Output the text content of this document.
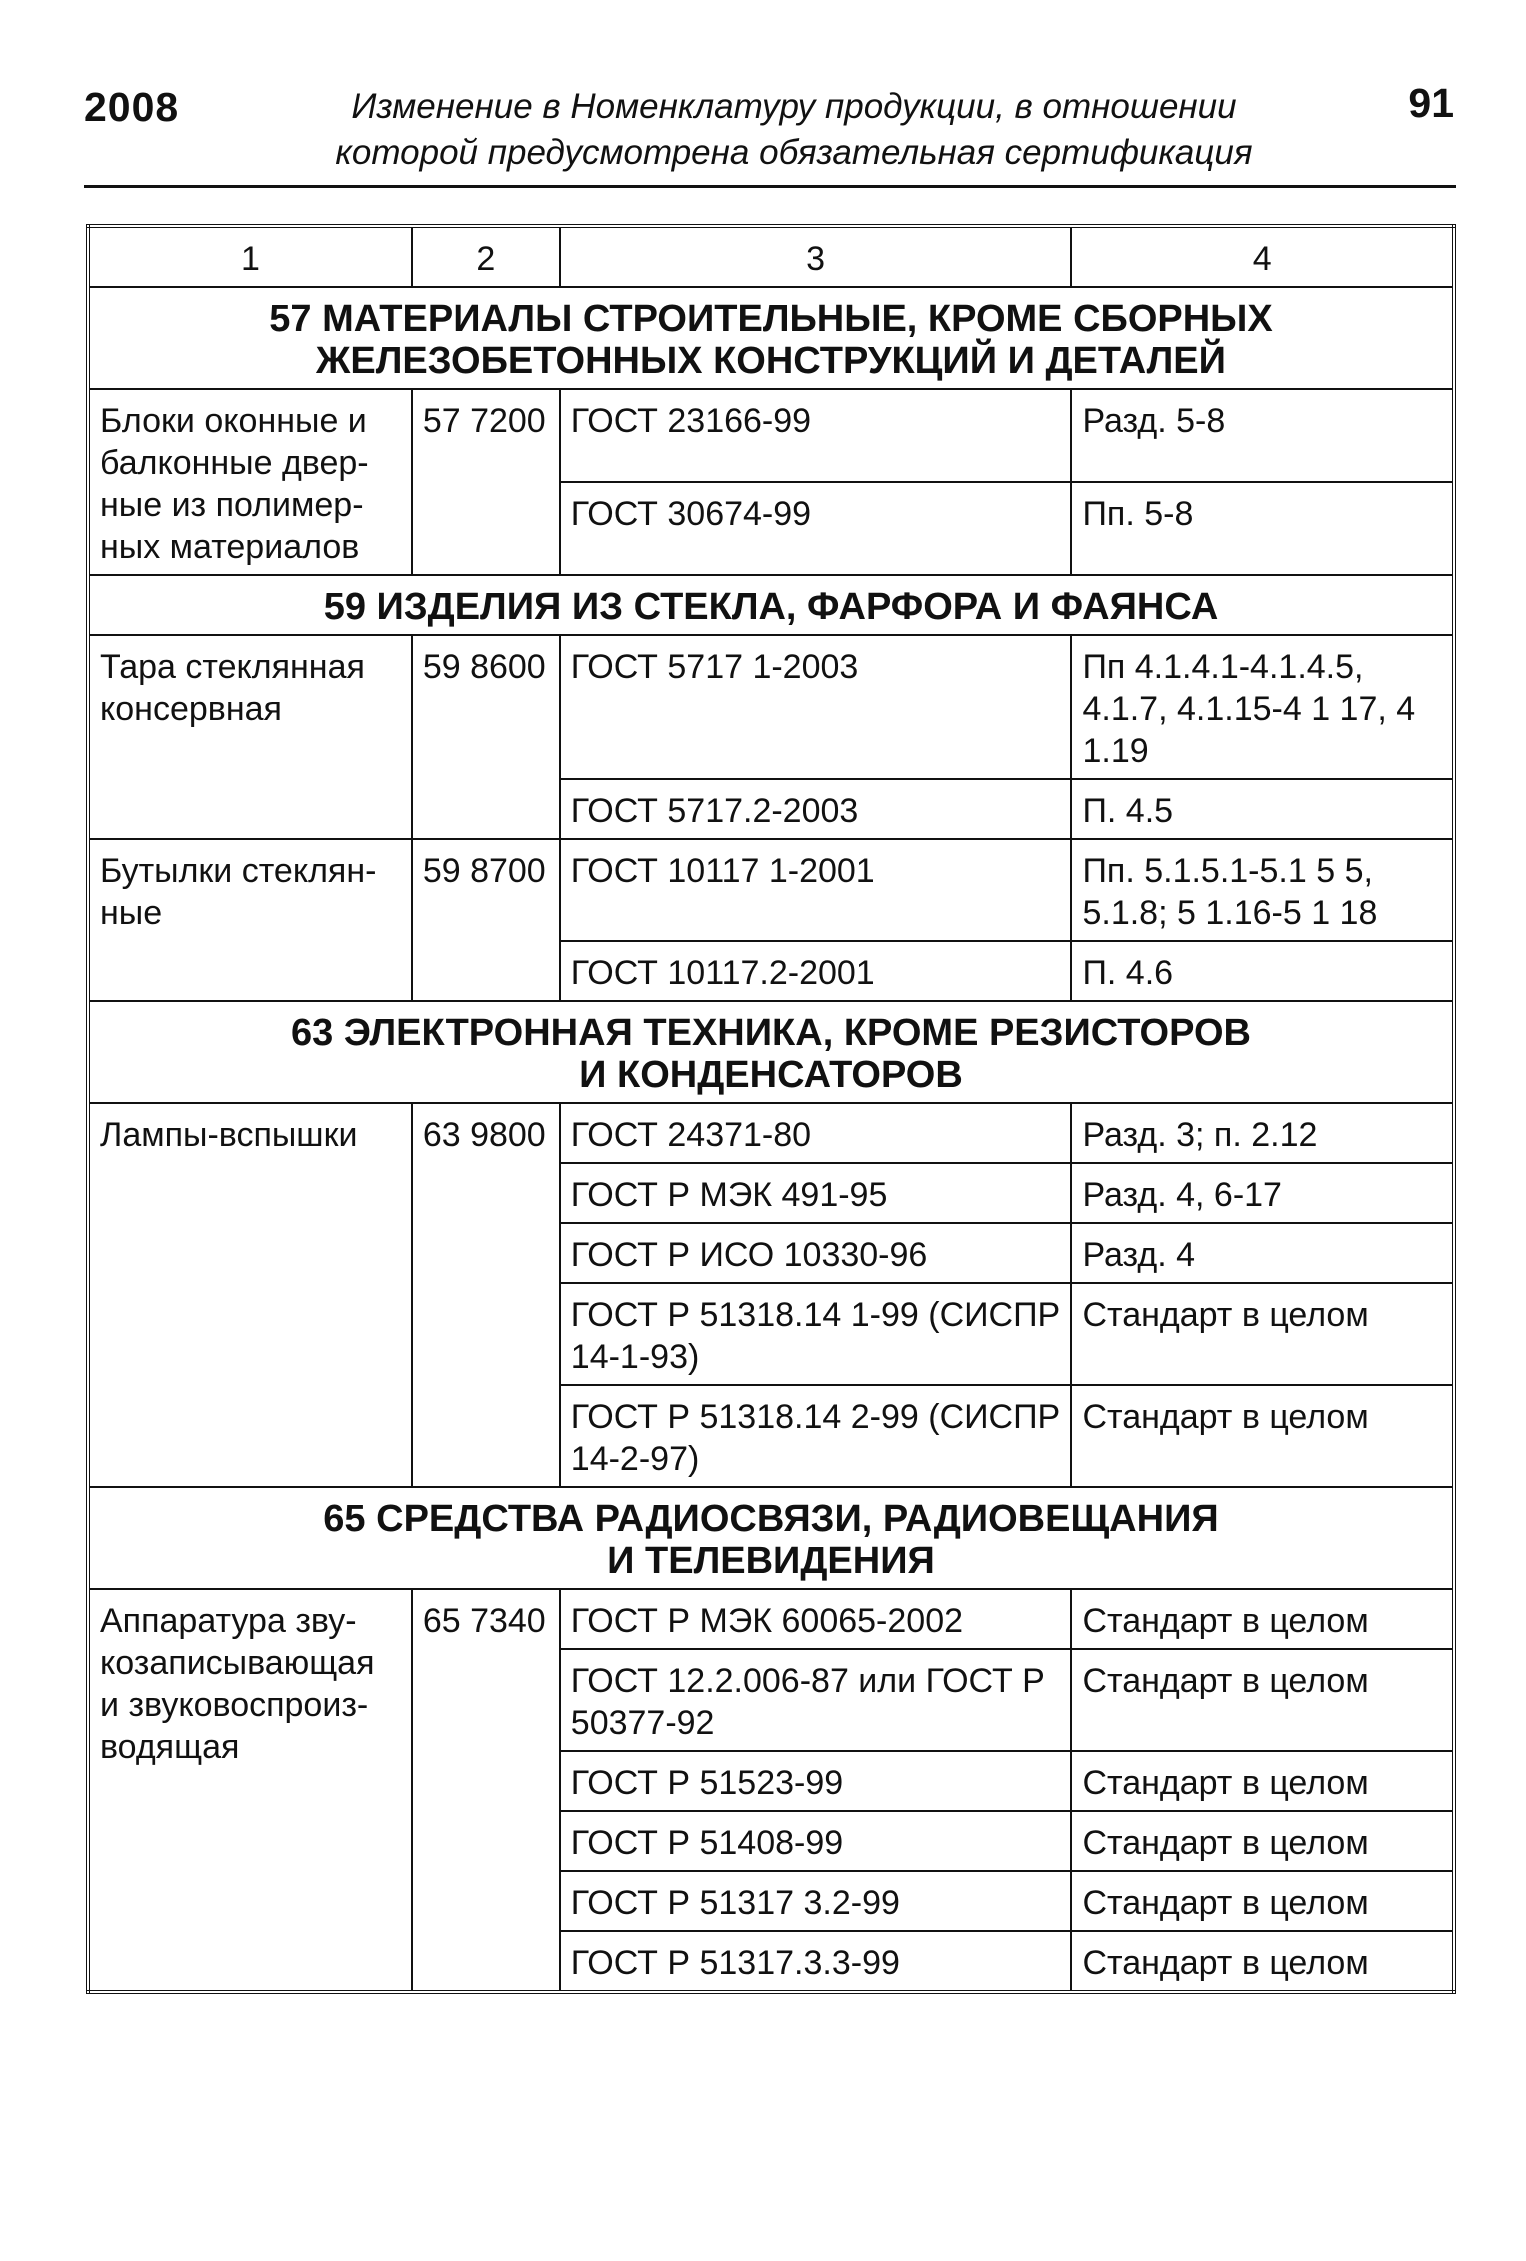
2008	Изменение в Номенклатуру продукции, в отношении
которой предусмотрена обязательная сертификация
91
1	2	3	4

57 МАТЕРИАЛЫ СТРОИТЕЛЬНЫЕ, КРОМЕ СБОРНЫХ
ЖЕЛЕЗОБЕТОННЫХ КОНСТРУКЦИЙ И ДЕТАЛЕЙ			

Блоки оконные и балконные двер-ные из полимер-ных материалов	57 7200	ГОСТ 23166-99	Разд. 5-8
		ГОСТ 30674-99	Пп. 5-8

59 ИЗДЕЛИЯ ИЗ СТЕКЛА, ФАРФОРА И ФАЯНСА			

Тара стеклянная консервная	59 8600	ГОСТ 5717 1-2003	Пп 4.1.4.1-4.1.4.5, 4.1.7, 4.1.15-4 1 17, 4 1.19
		ГОСТ 5717.2-2003	П. 4.5
Бутылки стеклян-ные	59 8700	ГОСТ 10117 1-2001	Пп. 5.1.5.1-5.1 5 5, 5.1.8; 5 1.16-5 1 18
		ГОСТ 10117.2-2001	П. 4.6

63 ЭЛЕКТРОННАЯ ТЕХНИКА, КРОМЕ РЕЗИСТОРОВ
И КОНДЕНСАТОРОВ			

Лампы-вспышки	63 9800	ГОСТ 24371-80	Разд. 3; п. 2.12
		ГОСТ Р МЭК 491-95	Разд. 4, 6-17
		ГОСТ Р ИСО 10330-96	Разд. 4
		ГОСТ Р 51318.14 1-99 (СИСПР 14-1-93)	Стандарт в целом
		ГОСТ Р 51318.14 2-99 (СИСПР 14-2-97)	Стандарт в целом

65 СРЕДСТВА РАДИОСВЯЗИ, РАДИОВЕЩАНИЯ
И ТЕЛЕВИДЕНИЯ			

Аппаратура зву-козаписывающая и звуковоспроиз-водящая	65 7340	ГОСТ Р МЭК 60065-2002	Стандарт в целом
		ГОСТ 12.2.006-87 или ГОСТ Р 50377-92	Стандарт в целом
		ГОСТ Р 51523-99	Стандарт в целом
		ГОСТ Р 51408-99	Стандарт в целом
		ГОСТ Р 51317 3.2-99	Стандарт в целом
		ГОСТ Р 51317.3.3-99	Стандарт в целом
